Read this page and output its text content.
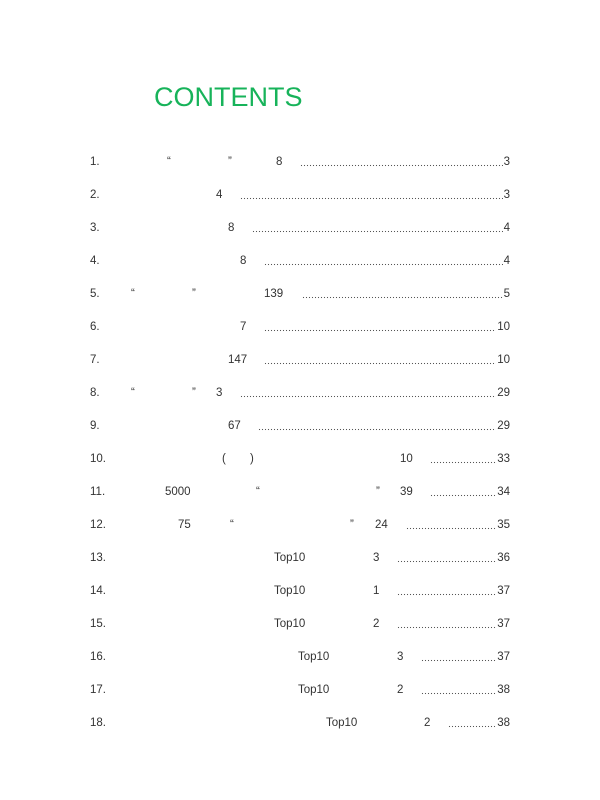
CONTENTS
1.	“	”	8	3
2.	4	3
3.	8	4
4.	8	4
5.	“	”	139	5
6.	7	10
7.	147	10
8.	“	” 3	29
9.	67	29
10.	( )	10	33
11.	5000	“	” 39	34
12.	75	“	” 24	35
13.	Top10	3	36
14.	Top10	1	37
15.	Top10	2	37
16.	Top10	3	37
17.	Top10	2	38
18.	Top10	2	38
